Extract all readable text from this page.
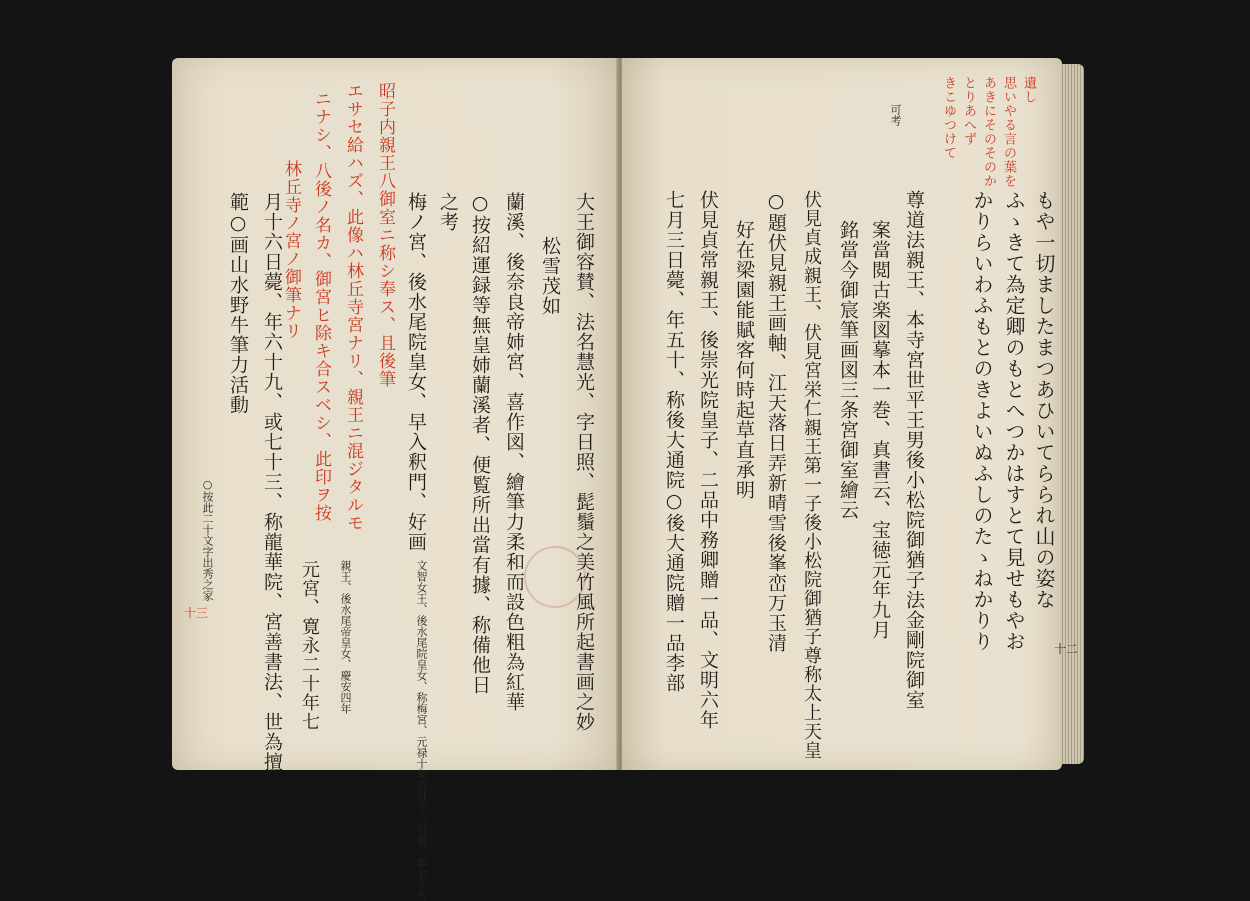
遺し
思いやる言の葉を
あきにそのそのか
とりあへず
きこゆつけて
十二
もや一切ましたまつあひいてらられ山の姿な
ふゝきて為定卿のもとへつかはすとて見せもやお
かりらいわふもとのきよいぬふしのたゝねかりり
可考
尊道法親王、本寺宮世平王男後小松院御猶子法金剛院御室
案當閲古楽図摹本一巻、真書云、宝徳元年九月
銘當今御宸筆画図三条宮御室繪云
伏見貞成親王、伏見宮栄仁親王第一子後小松院御猶子尊称太上天皇
○題伏見親王画軸、江天落日弄新晴雪後峯峦万玉清
好在梁園能賦客何時起草直承明
伏見貞常親王、後崇光院皇子、二品中務卿贈一品、文明六年
七月三日薨、年五十、称後大通院○後大通院贈一品李部
大王御容賛、法名慧光、字日照、髭鬚之美竹風所起書画之妙
松雪茂如
蘭溪、後奈良帝姉宮、喜作図、繪筆力柔和而設色粗為紅華
○按紹運録等無皇姉蘭溪者、便覧所出當有據、称備他日
之考
梅ノ宮、後水尾院皇女、早入釈門、好画
文智女王、後水尾院皇女、称梅宮、元禄十年五月十三日薨、年七十九
親王、後水尾帝皇女、慶安四年
元宮、寛永二十年七
月十六日薨、年六十九、或七十三、称龍華院、宮善書法、世為擅
範○画山水野牛筆力活動
○按此二十文字出秀之家
昭子内親王八御室ニ称シ奉ス、且後筆
エサセ給ハズ、此像ハ林丘寺宮ナリ、親王ニ混ジタルモ
ニナシ、八後ノ名カ、御宮ヒ除キ合スベシ、此印ヲ按
林丘寺ノ宮ノ御筆ナリ
十三
